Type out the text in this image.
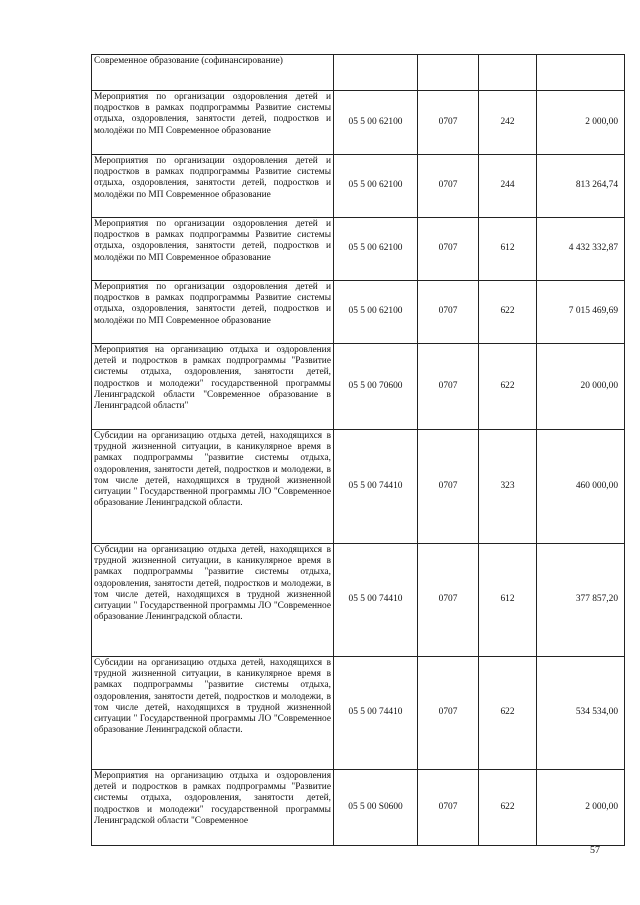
Современное образование (софинансирование)				
Мероприятия по организации оздоровления детей и подростков в рамках подпрограммы Развитие системы отдыха, оздоровления, занятости детей, подростков и молодёжи по МП Современное образование	05 5 00 62100	0707	242	2 000,00
Мероприятия по организации оздоровления детей и подростков в рамках подпрограммы Развитие системы отдыха, оздоровления, занятости детей, подростков и молодёжи по МП Современное образование	05 5 00 62100	0707	244	813 264,74
Мероприятия по организации оздоровления детей и подростков в рамках подпрограммы Развитие системы отдыха, оздоровления, занятости детей, подростков и молодёжи по МП Современное образование	05 5 00 62100	0707	612	4 432 332,87
Мероприятия по организации оздоровления детей и подростков в рамках подпрограммы Развитие системы отдыха, оздоровления, занятости детей, подростков и молодёжи по МП Современное образование	05 5 00 62100	0707	622	7 015 469,69
Мероприятия на организацию отдыха и оздоровления детей и подростков в рамках подпрограммы "Развитие системы отдыха, оздоровления, занятости детей, подростков и молодежи" государственной программы Ленинградской области "Современное образование в Ленинградсой области"	05 5 00 70600	0707	622	20 000,00
Субсидии на организацию отдыха детей, находящихся в трудной жизненной ситуации, в каникулярное время в рамках подпрограммы "развитие системы отдыха, оздоровления, занятости детей, подростков и молодежи, в том числе детей, находящихся в трудной жизненной ситуации " Государственной программы ЛО "Современное образование Ленинградской области.	05 5 00 74410	0707	323	460 000,00
Субсидии на организацию отдыха детей, находящихся в трудной жизненной ситуации, в каникулярное время в рамках подпрограммы "развитие системы отдыха, оздоровления, занятости детей, подростков и молодежи, в том числе детей, находящихся в трудной жизненной ситуации " Государственной программы ЛО "Современное образование Ленинградской области.	05 5 00 74410	0707	612	377 857,20
Субсидии на организацию отдыха детей, находящихся в трудной жизненной ситуации, в каникулярное время в рамках подпрограммы "развитие системы отдыха, оздоровления, занятости детей, подростков и молодежи, в том числе детей, находящихся в трудной жизненной ситуации " Государственной программы ЛО "Современное образование Ленинградской области.	05 5 00 74410	0707	622	534 534,00
Мероприятия на организацию отдыха и оздоровления детей и подростков в рамках подпрограммы "Развитие системы отдыха, оздоровления, занятости детей, подростков и молодежи" государственной программы Ленинградской области "Современное	05 5 00 S0600	0707	622	2 000,00
57
